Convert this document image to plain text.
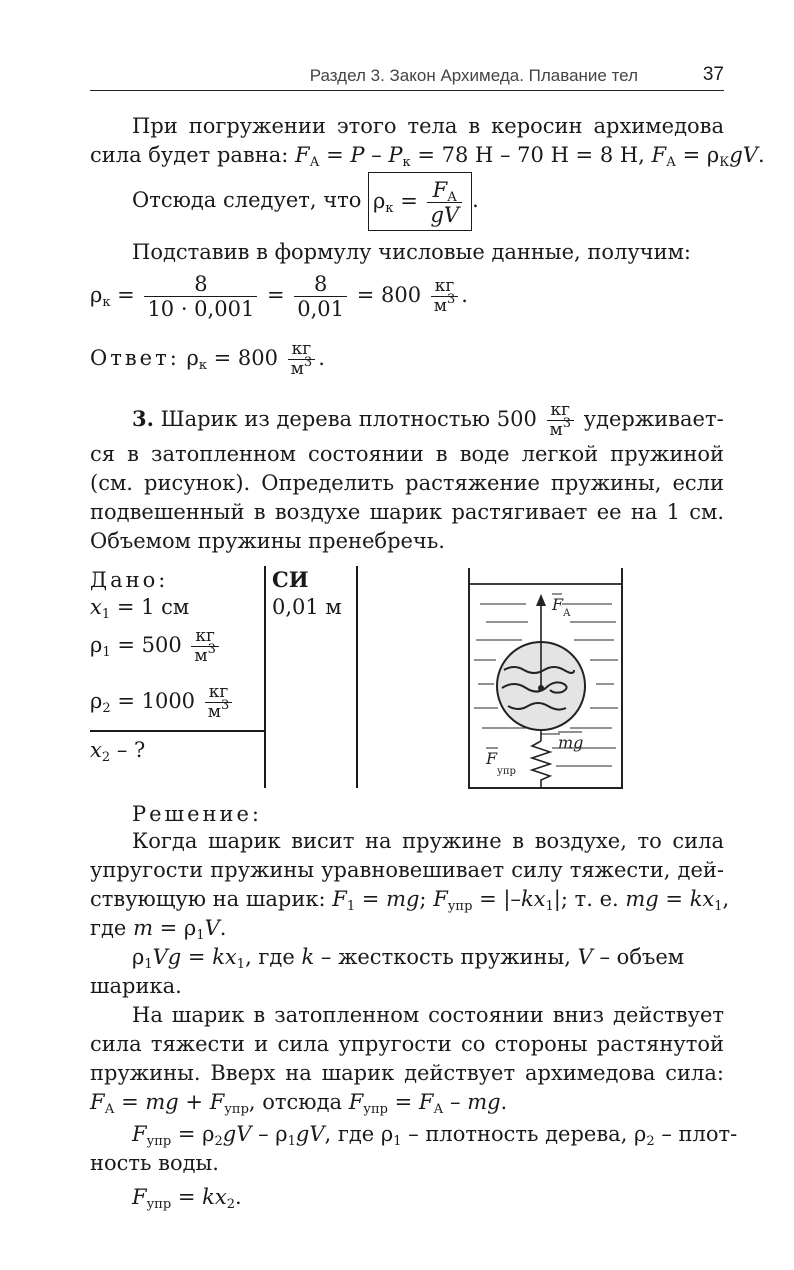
Раздел 3. Закон Архимеда. Плавание тел	37
При погружении этого тела в керосин архимедова
сила будет равна: $F_А = P - P_к = 78$ Н – 70 Н = 8 Н, $F_А = \rho_КgV$.
Отсюда следует, что $\rho_к = \frac{F_А}{gV}$ .
Подставив в формулу числовые данные, получим:
$\rho_к = \frac{8}{10 \cdot 0,001} = \frac{8}{0,01} = 800 \frac{кг}{м^3}$ .
Ответ: $\rho_к = 800 \frac{кг}{м^3}$ .
3. Шарик из дерева плотностью $500 \frac{кг}{м^3}$ удерживает-
ся в затопленном состоянии в воде легкой пружиной
(см. рисунок). Определить растяжение пружины, если
подвешенный в воздухе шарик растягивает ее на 1 см.
Объемом пружины пренебречь.
Дано:	СИ
$x_1 = 1$ см	0,01 м
$\rho_1 = 500 \frac{кг}{м^3}$
$\rho_2 = 1000 \frac{кг}{м^3}$
$x_2$ – ?
F А
mg
F
упр
Решение:
Когда шарик висит на пружине в воздухе, то сила
упругости пружины уравновешивает силу тяжести, дей-
ствующую на шарик: $F_1$ = mg; $F_{упр} = |-kx_1|$; т. е. mg = $kx_1$,
где $m = \rho_1V$.
$\rho_1Vg = kx_1$, где k – жесткость пружины, V – объем
шарика.
На шарик в затопленном состоянии вниз действует
сила тяжести и сила упругости со стороны растянутой
пружины. Вверх на шарик действует архимедова сила:
$F_А$ = mg + $F_{упр}$, отсюда $F_{упр} = F_А$ – mg.
$F_{упр} = \rho_2gV - \rho_1gV$, где $\rho_1$ – плотность дерева, $\rho_2$ – плот-
ность воды.
$F_{упр} = kx_2$.
